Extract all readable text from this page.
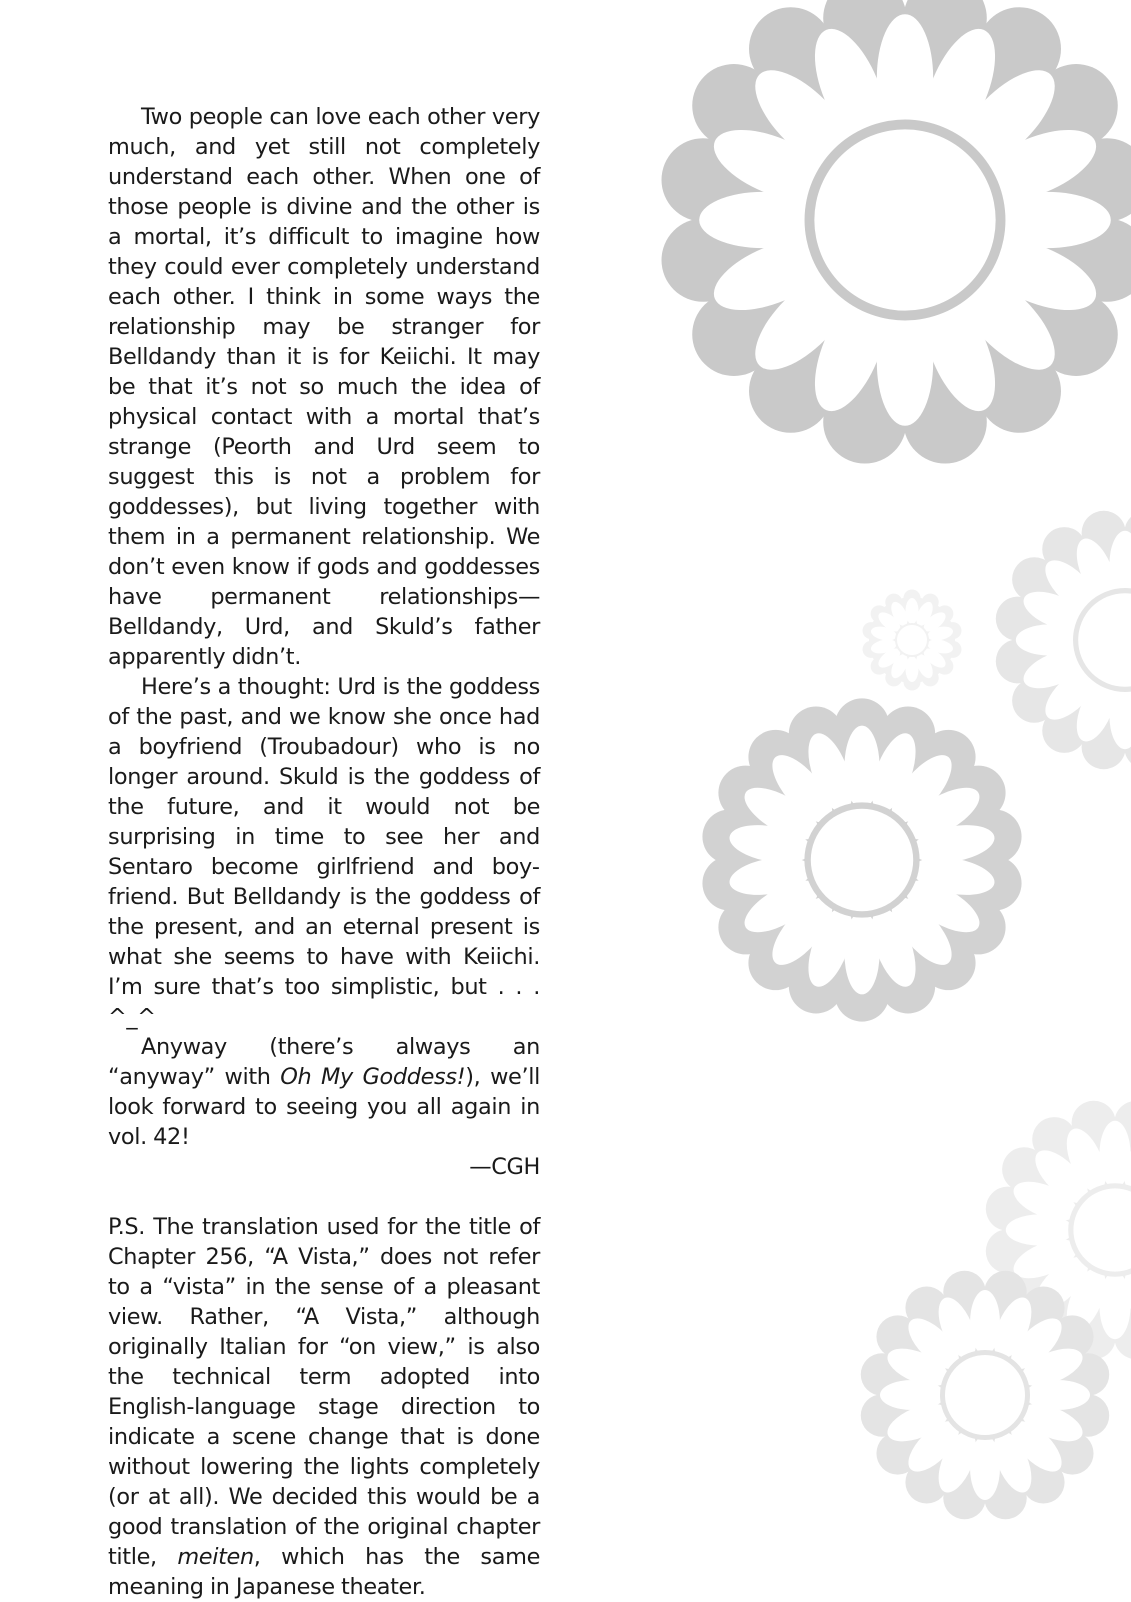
Two people can love each other very much, and yet still not completely understand each other. When one of those people is divine and the other is a mortal, it’s difficult to imagine how they could ever completely understand each other. I think in some ways the relationship may be stranger for Belldandy than it is for Keiichi. It may be that it’s not so much the idea of physical contact with a mortal that’s strange (Peorth and Urd seem to suggest this is not a problem for goddesses), but living together with them in a permanent relationship. We don’t even know if gods and goddesses have permanent relationships—Belldandy, Urd, and Skuld’s father apparently didn’t.

Here’s a thought: Urd is the goddess of the past, and we know she once had a boyfriend (Troubadour) who is no longer around. Skuld is the goddess of the future, and it would not be surprising in time to see her and Sentaro become girlfriend and boyfriend. But Belldandy is the goddess of the present, and an eternal present is what she seems to have with Keiichi. I’m sure that’s too simplistic, but . . . ^_^

Anyway (there’s always an “anyway” with Oh My Goddess!), we’ll look forward to seeing you all again in vol. 42!

—CGH

P.S. The translation used for the title of Chapter 256, “A Vista,” does not refer to a “vista” in the sense of a pleasant view. Rather, “A Vista,” although originally Italian for “on view,” is also the technical term adopted into English-language stage direction to indicate a scene change that is done without lowering the lights completely (or at all). We decided this would be a good translation of the original chapter title, meiten, which has the same meaning in Japanese theater.
